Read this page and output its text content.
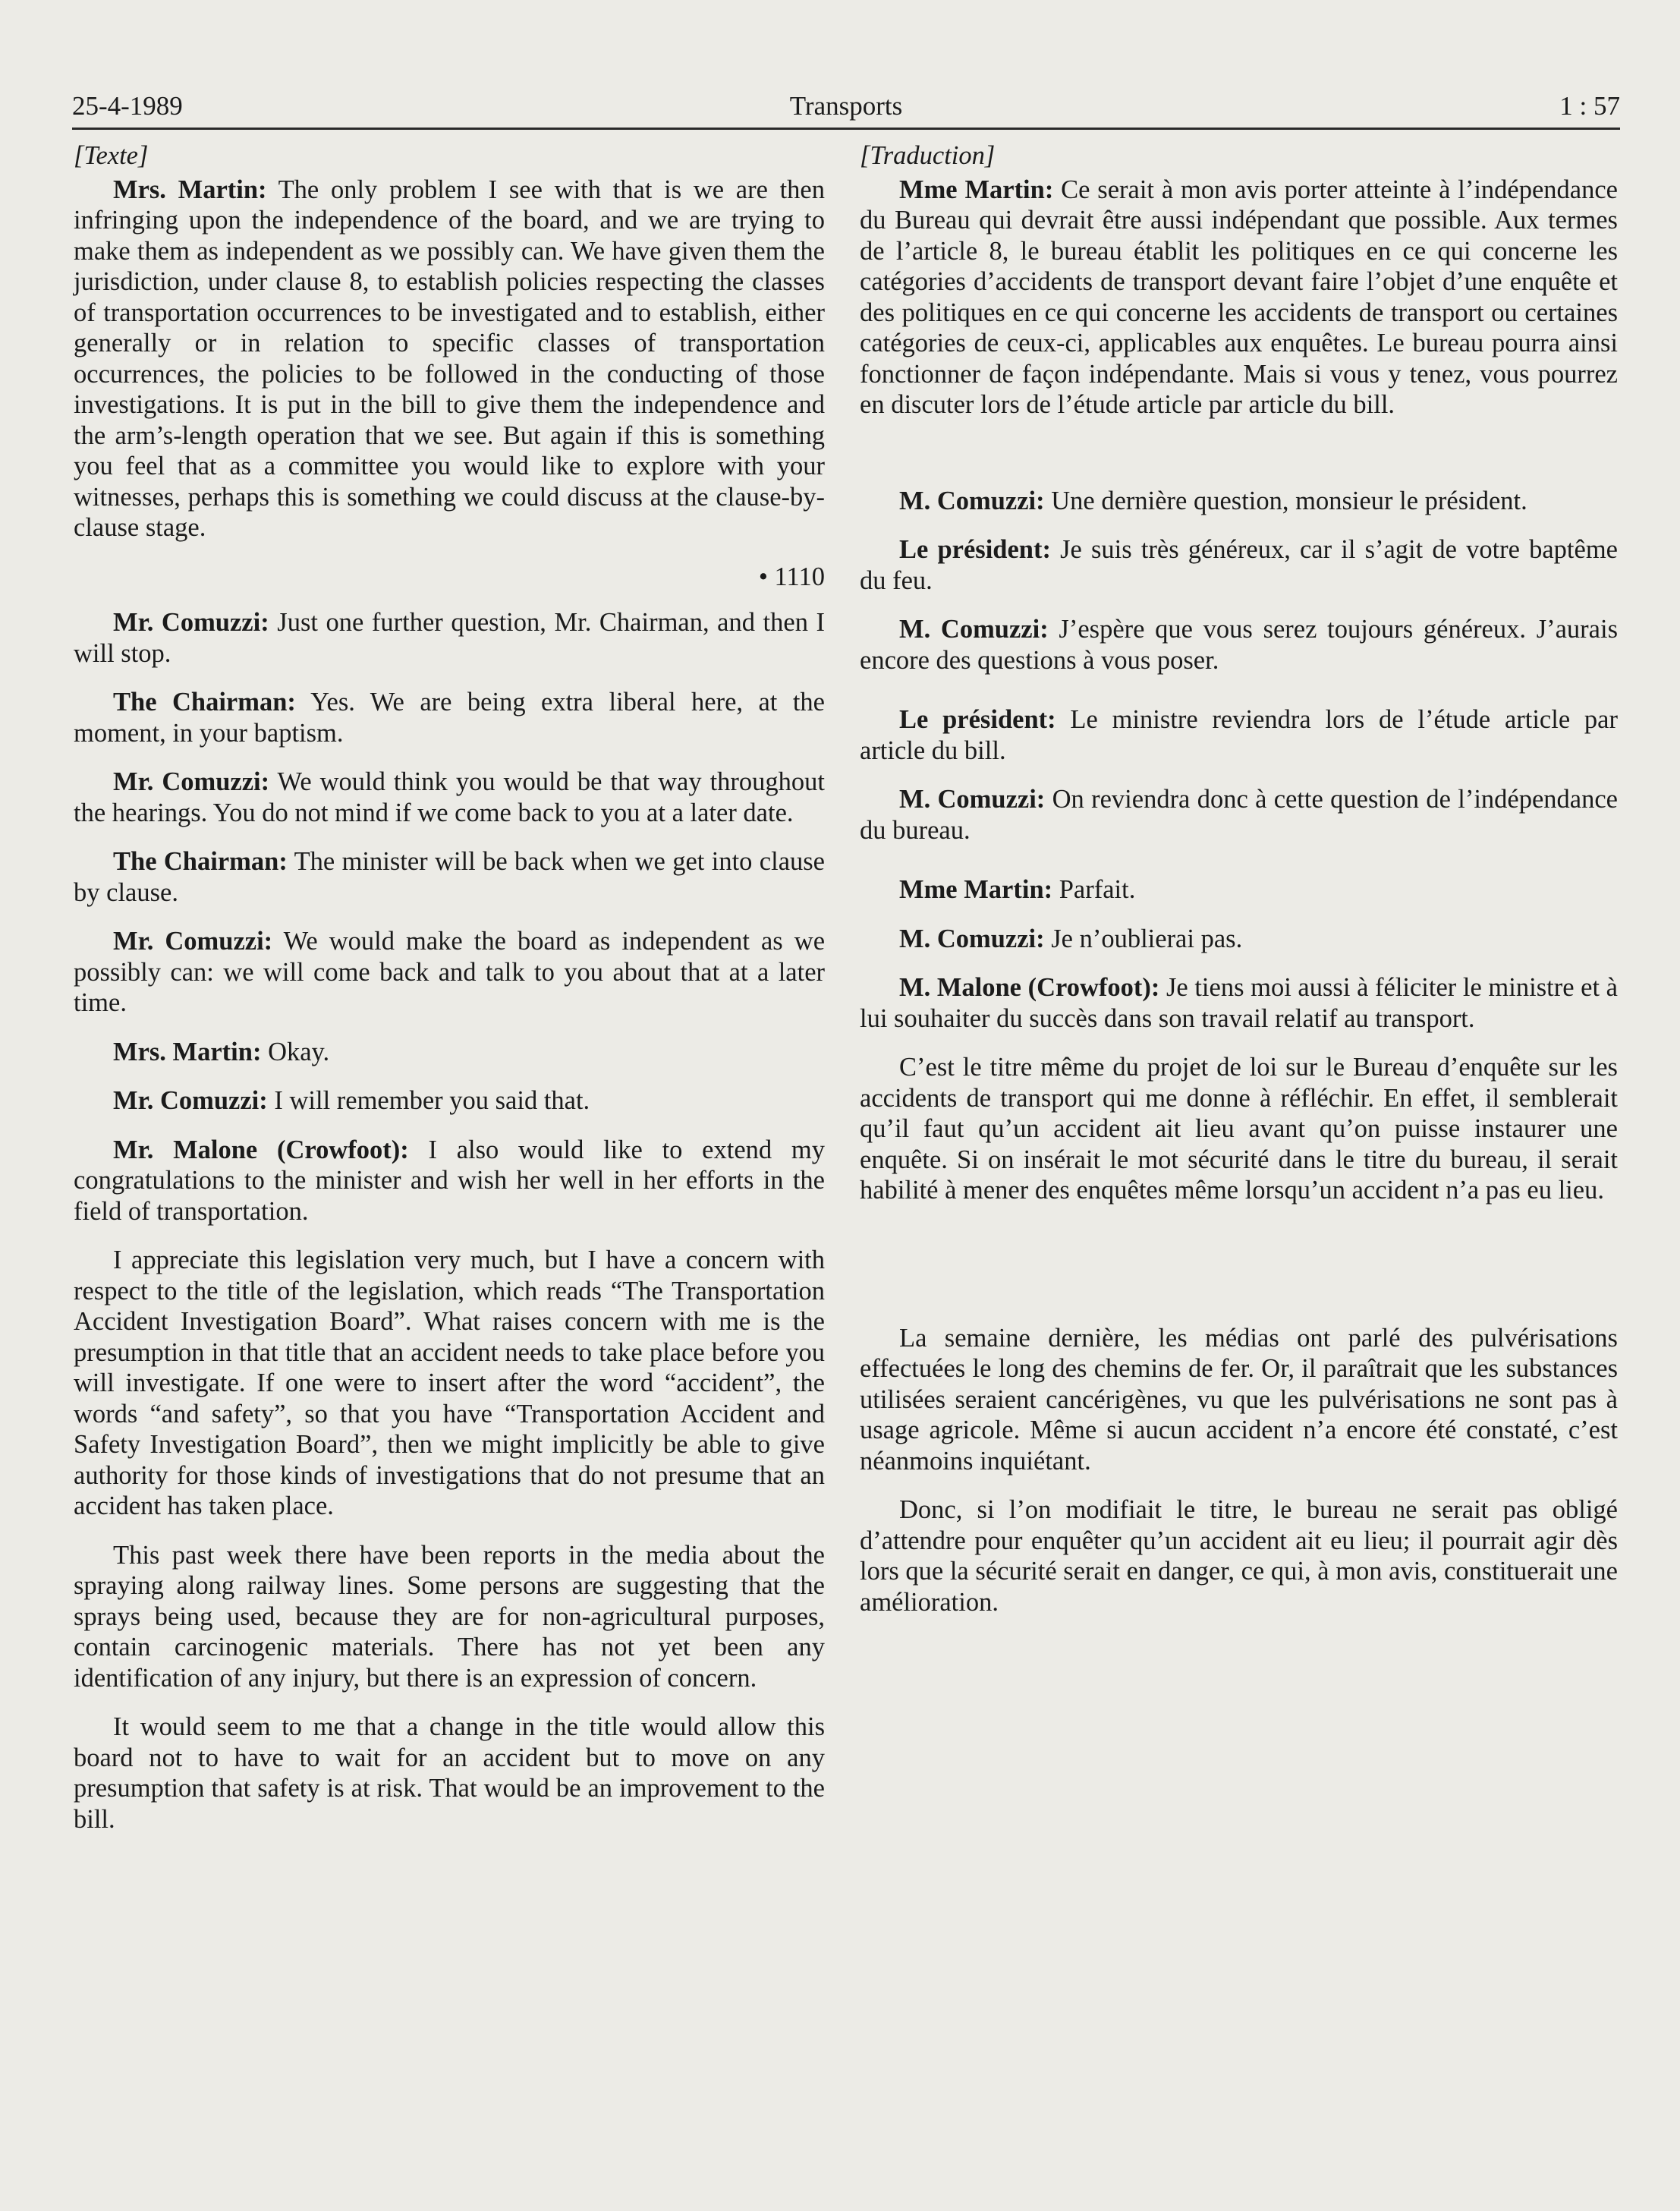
25-4-1989	Transports	1 : 57
[Texte]

Mrs. Martin: The only problem I see with that is we are then infringing upon the independence of the board, and we are trying to make them as independent as we possibly can. We have given them the jurisdiction, under clause 8, to establish policies respecting the classes of transportation occurrences to be investigated and to establish, either generally or in relation to specific classes of transportation occurrences, the policies to be followed in the conducting of those investigations. It is put in the bill to give them the independence and the arm’s-length operation that we see. But again if this is something you feel that as a committee you would like to explore with your witnesses, perhaps this is something we could discuss at the clause-by-clause stage.

• 1110

Mr. Comuzzi: Just one further question, Mr. Chairman, and then I will stop.

The Chairman: Yes. We are being extra liberal here, at the moment, in your baptism.

Mr. Comuzzi: We would think you would be that way throughout the hearings. You do not mind if we come back to you at a later date.

The Chairman: The minister will be back when we get into clause by clause.

Mr. Comuzzi: We would make the board as independent as we possibly can: we will come back and talk to you about that at a later time.

Mrs. Martin: Okay.

Mr. Comuzzi: I will remember you said that.

Mr. Malone (Crowfoot): I also would like to extend my congratulations to the minister and wish her well in her efforts in the field of transportation.

I appreciate this legislation very much, but I have a concern with respect to the title of the legislation, which reads “The Transportation Accident Investigation Board”. What raises concern with me is the presumption in that title that an accident needs to take place before you will investigate. If one were to insert after the word “accident”, the words “and safety”, so that you have “Transportation Accident and Safety Investigation Board”, then we might implicitly be able to give authority for those kinds of investigations that do not presume that an accident has taken place.

This past week there have been reports in the media about the spraying along railway lines. Some persons are suggesting that the sprays being used, because they are for non-agricultural purposes, contain carcinogenic materials. There has not yet been any identification of any injury, but there is an expression of concern.

It would seem to me that a change in the title would allow this board not to have to wait for an accident but to move on any presumption that safety is at risk. That would be an improvement to the bill.

[Traduction]

Mme Martin: Ce serait à mon avis porter atteinte à l’indépendance du Bureau qui devrait être aussi indépendant que possible. Aux termes de l’article 8, le bureau établit les politiques en ce qui concerne les catégories d’accidents de transport devant faire l’objet d’une enquête et des politiques en ce qui concerne les accidents de transport ou certaines catégories de ceux-ci, applicables aux enquêtes. Le bureau pourra ainsi fonctionner de façon indépendante. Mais si vous y tenez, vous pourrez en discuter lors de l’étude article par article du bill.

M. Comuzzi: Une dernière question, monsieur le président.

Le président: Je suis très généreux, car il s’agit de votre baptême du feu.

M. Comuzzi: J’espère que vous serez toujours généreux. J’aurais encore des questions à vous poser.

Le président: Le ministre reviendra lors de l’étude article par article du bill.

M. Comuzzi: On reviendra donc à cette question de l’indépendance du bureau.

Mme Martin: Parfait.

M. Comuzzi: Je n’oublierai pas.

M. Malone (Crowfoot): Je tiens moi aussi à féliciter le ministre et à lui souhaiter du succès dans son travail relatif au transport.

C’est le titre même du projet de loi sur le Bureau d’enquête sur les accidents de transport qui me donne à réfléchir. En effet, il semblerait qu’il faut qu’un accident ait lieu avant qu’on puisse instaurer une enquête. Si on insérait le mot sécurité dans le titre du bureau, il serait habilité à mener des enquêtes même lorsqu’un accident n’a pas eu lieu.

La semaine dernière, les médias ont parlé des pulvérisations effectuées le long des chemins de fer. Or, il paraîtrait que les substances utilisées seraient cancérigènes, vu que les pulvérisations ne sont pas à usage agricole. Même si aucun accident n’a encore été constaté, c’est néanmoins inquiétant.

Donc, si l’on modifiait le titre, le bureau ne serait pas obligé d’attendre pour enquêter qu’un accident ait eu lieu; il pourrait agir dès lors que la sécurité serait en danger, ce qui, à mon avis, constituerait une amélioration.
